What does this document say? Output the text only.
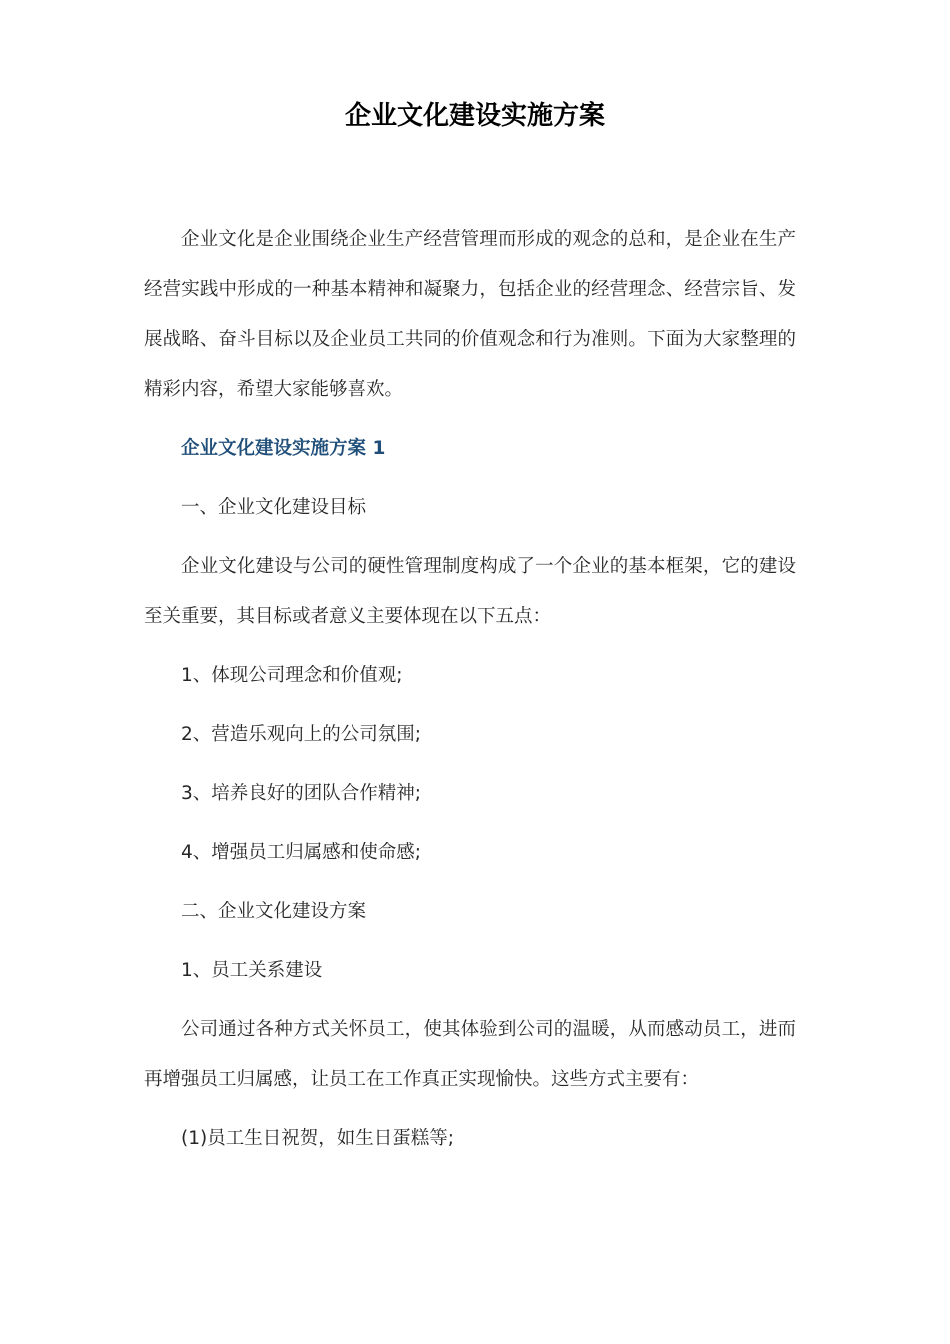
企业文化建设实施方案

企业文化是企业围绕企业生产经营管理而形成的观念的总和，是企业在生产经营实践中形成的一种基本精神和凝聚力，包括企业的经营理念、经营宗旨、发展战略、奋斗目标以及企业员工共同的价值观念和行为准则。下面为大家整理的精彩内容，希望大家能够喜欢。

企业文化建设实施方案 1

一、企业文化建设目标

企业文化建设与公司的硬性管理制度构成了一个企业的基本框架，它的建设至关重要，其目标或者意义主要体现在以下五点：

1、体现公司理念和价值观;

2、营造乐观向上的公司氛围;

3、培养良好的团队合作精神;

4、增强员工归属感和使命感;

二、企业文化建设方案

1、员工关系建设

公司通过各种方式关怀员工，使其体验到公司的温暖，从而感动员工，进而再增强员工归属感，让员工在工作真正实现愉快。这些方式主要有：

(1)员工生日祝贺，如生日蛋糕等;
